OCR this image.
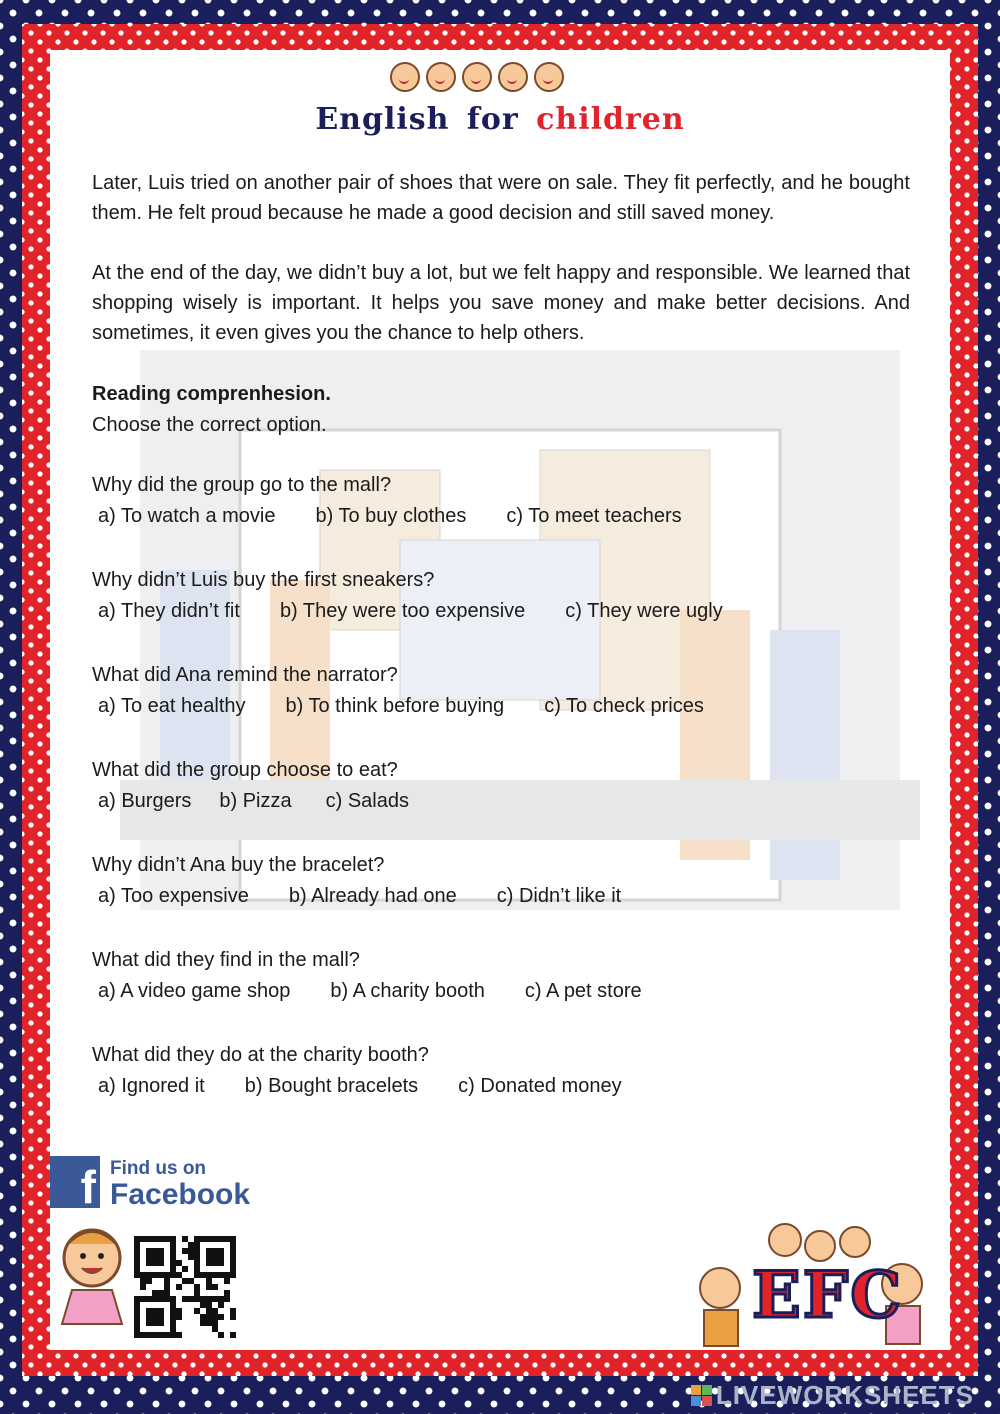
English for children

Later, Luis tried on another pair of shoes that were on sale. They fit perfectly, and he bought them. He felt proud because he made a good decision and still saved money.

At the end of the day, we didn’t buy a lot, but we felt happy and responsible. We learned that shopping wisely is important. It helps you save money and make better decisions. And sometimes, it even gives you the chance to help others.

Reading comprenhesion.

Choose the correct option.

Why did the group go to the mall?

a) To watch a movie b) To buy clothes c) To meet teachers

Why didn’t Luis buy the first sneakers?

a) They didn’t fit b) They were too expensive c) They were ugly

What did Ana remind the narrator?

a) To eat healthy b) To think before buying c) To check prices

What did the group choose to eat?

a) Burgers b) Pizza c) Salads

Why didn’t Ana buy the bracelet?

a) Too expensive b) Already had one c) Didn’t like it

What did they find in the mall?

a) A video game shop b) A charity booth c) A pet store

What did they do at the charity booth?

a) Ignored it b) Bought bracelets c) Donated money
f Find us on
Facebook
EFC
LIVEWORKSHEETS
